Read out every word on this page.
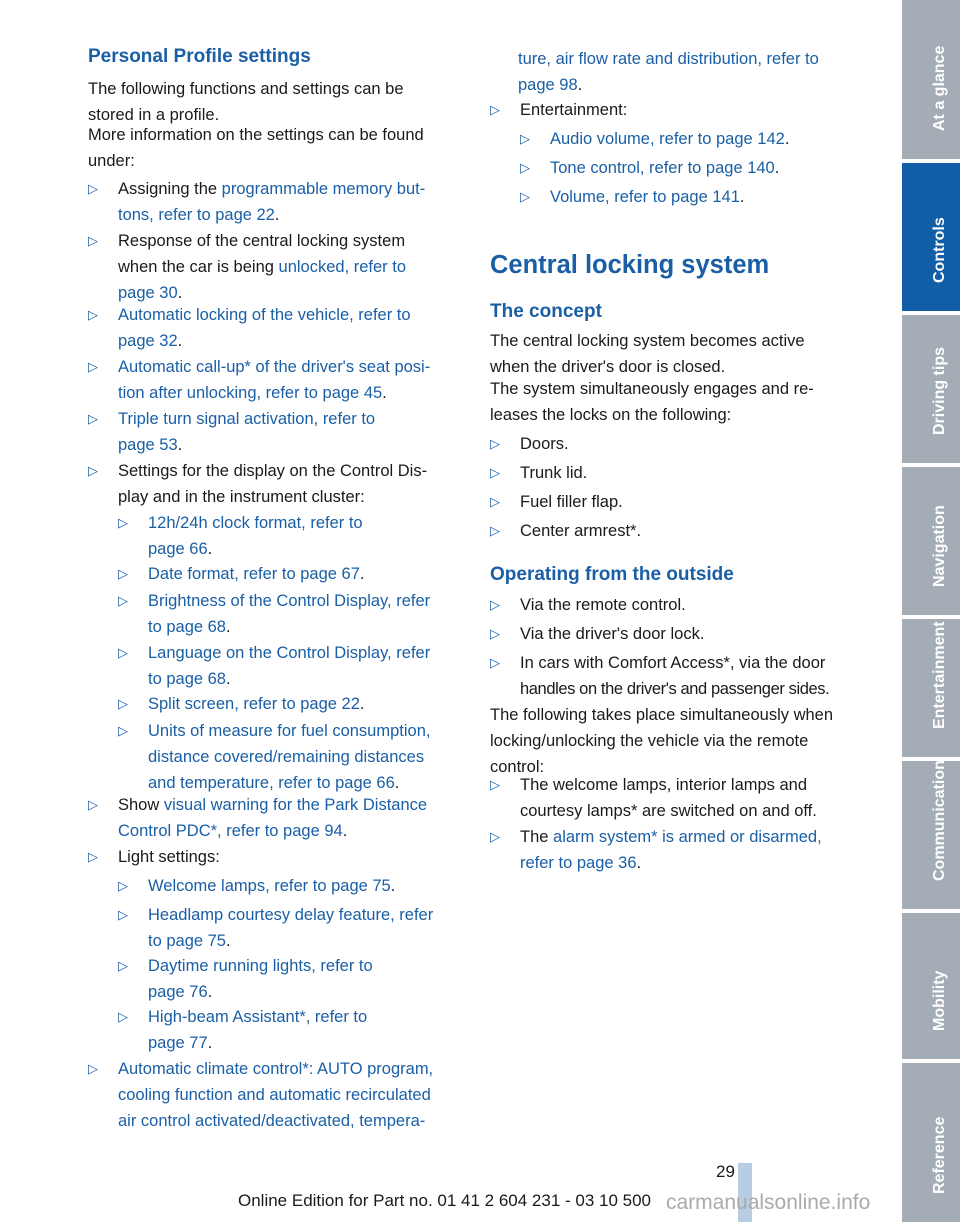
Personal Profile settings
The following functions and settings can be
stored in a profile.
More information on the settings can be found
under:
▷ Assigning the programmable memory but‐
tons, refer to page 22.
▷ Response of the central locking system
when the car is being unlocked, refer to
page 30.
▷ Automatic locking of the vehicle, refer to
page 32.
▷ Automatic call-up* of the driver's seat posi‐
tion after unlocking, refer to page 45.
▷ Triple turn signal activation, refer to
page 53.
▷ Settings for the display on the Control Dis‐
play and in the instrument cluster:
▷ 12h/24h clock format, refer to
page 66.
▷ Date format, refer to page 67.
▷ Brightness of the Control Display, refer
to page 68.
▷ Language on the Control Display, refer
to page 68.
▷ Split screen, refer to page 22.
▷ Units of measure for fuel consumption,
distance covered/remaining distances
and temperature, refer to page 66.
▷ Show visual warning for the Park Distance
Control PDC*, refer to page 94.
▷ Light settings:
▷ Welcome lamps, refer to page 75.
▷ Headlamp courtesy delay feature, refer
to page 75.
▷ Daytime running lights, refer to
page 76.
▷ High-beam Assistant*, refer to
page 77.
▷ Automatic climate control*: AUTO program,
cooling function and automatic recirculated
air control activated/deactivated, tempera‐
ture, air flow rate and distribution, refer to
page 98.
▷ Entertainment:
▷ Audio volume, refer to page 142.
▷ Tone control, refer to page 140.
▷ Volume, refer to page 141.
Central locking system
The concept
The central locking system becomes active
when the driver's door is closed.
The system simultaneously engages and re‐
leases the locks on the following:
▷ Doors.
▷ Trunk lid.
▷ Fuel filler flap.
▷ Center armrest*.
Operating from the outside
▷ Via the remote control.
▷ Via the driver's door lock.
▷ In cars with Comfort Access*, via the door
handles on the driver's and passenger sides.
The following takes place simultaneously when
locking/unlocking the vehicle via the remote
control:
▷ The welcome lamps, interior lamps and
courtesy lamps* are switched on and off.
▷ The alarm system* is armed or disarmed,
refer to page 36.
At a glance
Controls
Driving tips
Navigation
Entertainment
Communication
Mobility
Reference
29
Online Edition for Part no. 01 41 2 604 231 - 03 10 500 carmanualsonline.info
